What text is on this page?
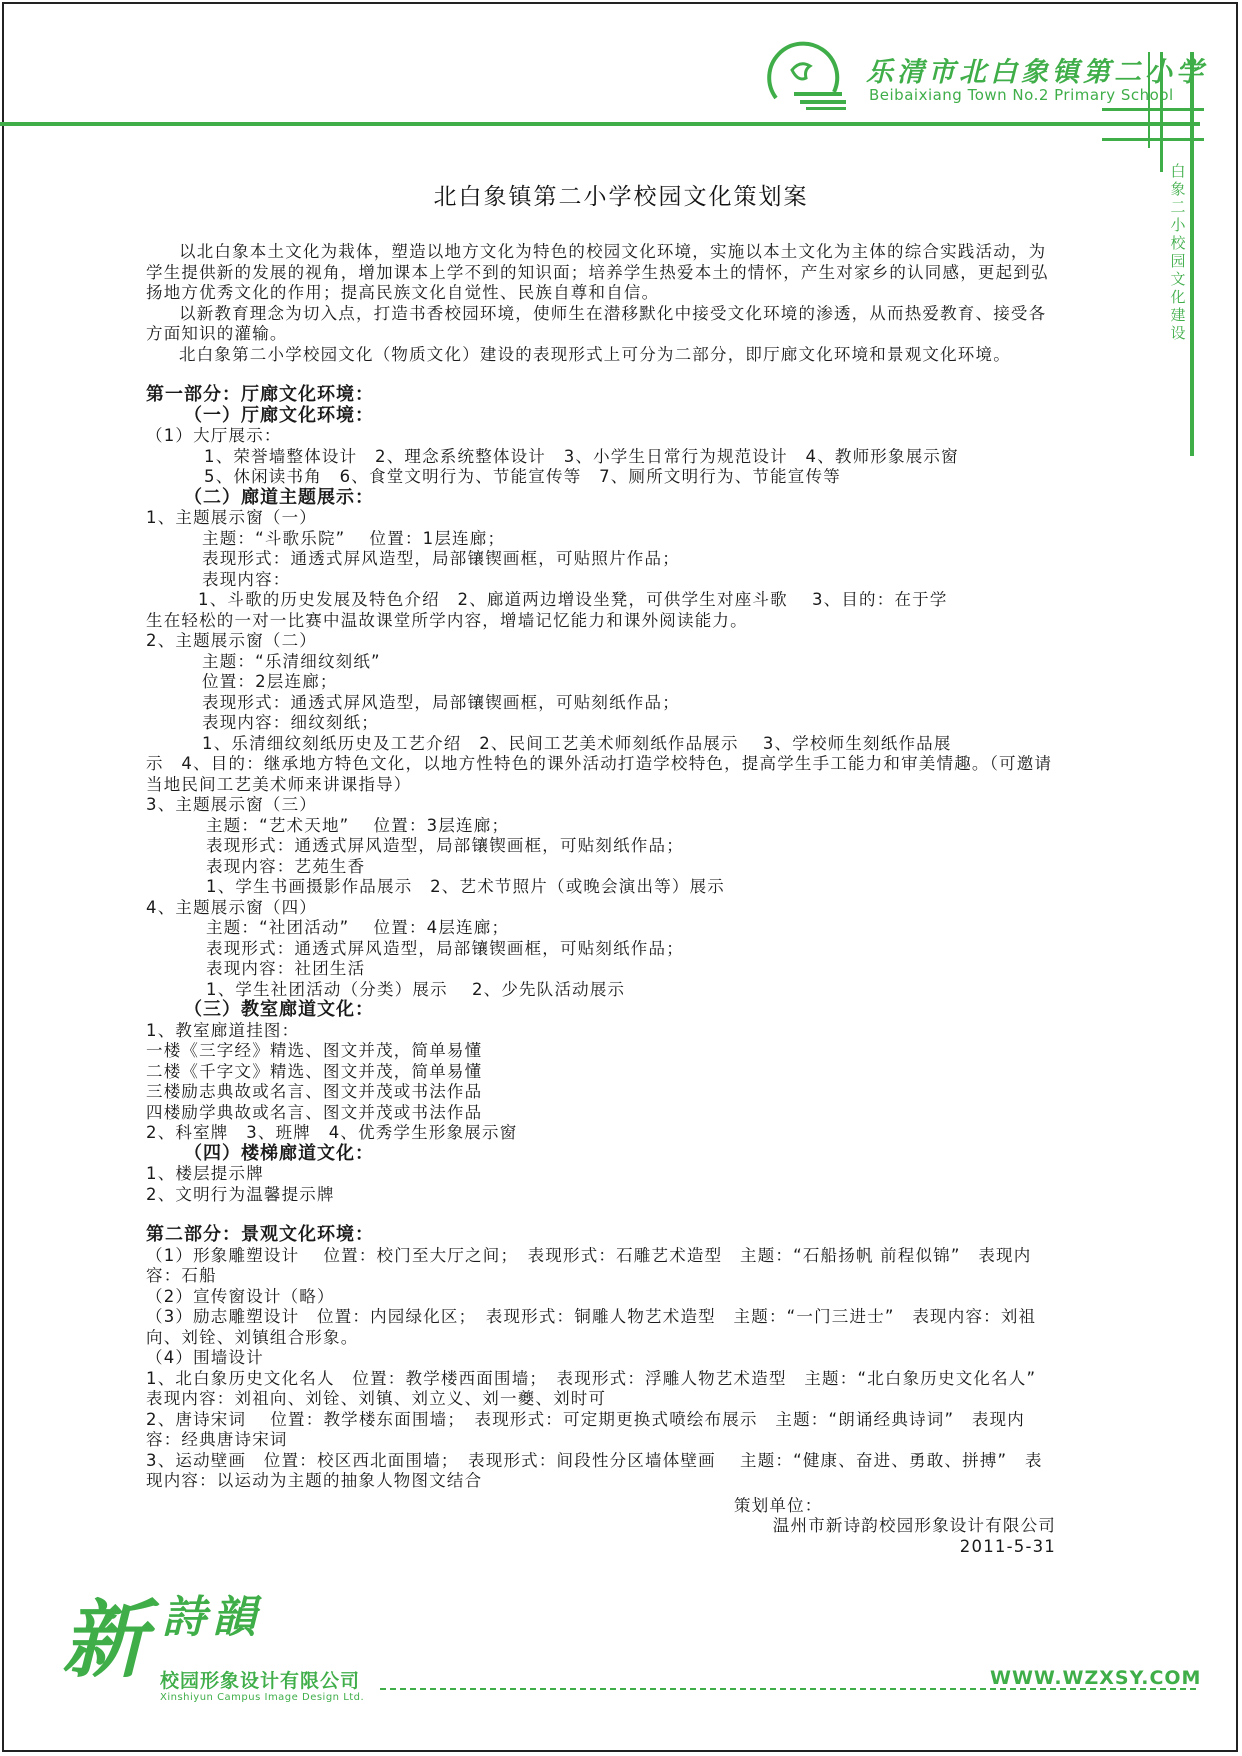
乐清市北白象镇第二小学
Beibaixiang Town No.2 Primary School
白象二小校园文化建设
北白象镇第二小学校园文化策划案

以北白象本土文化为栽体，塑造以地方文化为特色的校园文化环境，实施以本土文化为主体的综合实践活动，为学生提供新的发展的视角，增加课本上学不到的知识面；培养学生热爱本土的情怀，产生对家乡的认同感，更起到弘扬地方优秀文化的作用；提高民族文化自觉性、民族自尊和自信。

以新教育理念为切入点，打造书香校园环境，使师生在潜移默化中接受文化环境的渗透，从而热爱教育、接受各方面知识的灌输。

北白象第二小学校园文化（物质文化）建设的表现形式上可分为二部分，即厅廊文化环境和景观文化环境。

第一部分：厅廊文化环境：

（一）厅廊文化环境：

（1）大厅展示：

1、荣誉墙整体设计　2、理念系统整体设计　3、小学生日常行为规范设计　4、教师形象展示窗

5、休闲读书角　6、食堂文明行为、节能宣传等　7、厕所文明行为、节能宣传等

（二）廊道主题展示：

1、主题展示窗（一）

主题：“斗歌乐院”　 位置：1层连廊；

表现形式：通透式屏风造型，局部镶锲画框，可贴照片作品；

表现内容：

1、斗歌的历史发展及特色介绍　2、廊道两边增设坐凳，可供学生对座斗歌　 3、目的：在于学

生在轻松的一对一比赛中温故课堂所学内容，增墙记忆能力和课外阅读能力。

2、主题展示窗（二）

主题：“乐清细纹刻纸”

位置：2层连廊；

表现形式：通透式屏风造型，局部镶锲画框，可贴刻纸作品；

表现内容：细纹刻纸；

1、乐清细纹刻纸历史及工艺介绍　2、民间工艺美术师刻纸作品展示　 3、学校师生刻纸作品展

示　4、目的：继承地方特色文化，以地方性特色的课外活动打造学校特色，提高学生手工能力和审美情趣。（可邀请当地民间工艺美术师来讲课指导）

3、主题展示窗（三）

主题：“艺术天地”　 位置：3层连廊；

表现形式：通透式屏风造型，局部镶锲画框，可贴刻纸作品；

表现内容：艺苑生香

1、学生书画摄影作品展示　2、艺术节照片（或晚会演出等）展示

4、主题展示窗（四）

主题：“社团活动”　 位置：4层连廊；

表现形式：通透式屏风造型，局部镶锲画框，可贴刻纸作品；

表现内容：社团生活

1、学生社团活动（分类）展示　 2、少先队活动展示

（三）教室廊道文化：

1、教室廊道挂图：

一楼《三字经》精选、图文并茂，简单易懂

二楼《千字文》精选、图文并茂，简单易懂

三楼励志典故或名言、图文并茂或书法作品

四楼励学典故或名言、图文并茂或书法作品

2、科室牌　3、班牌　4、优秀学生形象展示窗

（四）楼梯廊道文化：

1、楼层提示牌

2、文明行为温馨提示牌

第二部分：景观文化环境：

（1）形象雕塑设计　 位置：校门至大厅之间；　表现形式：石雕艺术造型　主题：“石船扬帆 前程似锦”　表现内容：石船

（2）宣传窗设计（略）

（3）励志雕塑设计　位置：内园绿化区；　表现形式：铜雕人物艺术造型　主题：“一门三进士”　表现内容：刘祖向、刘铨、刘镇组合形象。

（4）围墙设计

1、北白象历史文化名人　位置：教学楼西面围墙；　表现形式：浮雕人物艺术造型　主题：“北白象历史文化名人”　表现内容：刘祖向、刘铨、刘镇、刘立义、刘一夔、刘时可

2、唐诗宋词　 位置：教学楼东面围墙；　表现形式：可定期更换式喷绘布展示　主题：“朗诵经典诗词”　表现内容：经典唐诗宋词

3、运动壁画　位置：校区西北面围墙；　表现形式：间段性分区墙体壁画　 主题：“健康、奋进、勇敢、拼搏”　表现内容：以运动为主题的抽象人物图文结合

策划单位：

温州市新诗韵校园形象设计有限公司

2011-5-31

新 詩韻
校园形象设计有限公司
Xinshiyun Campus Image Design Ltd.
WWW.WZXSY.COM
